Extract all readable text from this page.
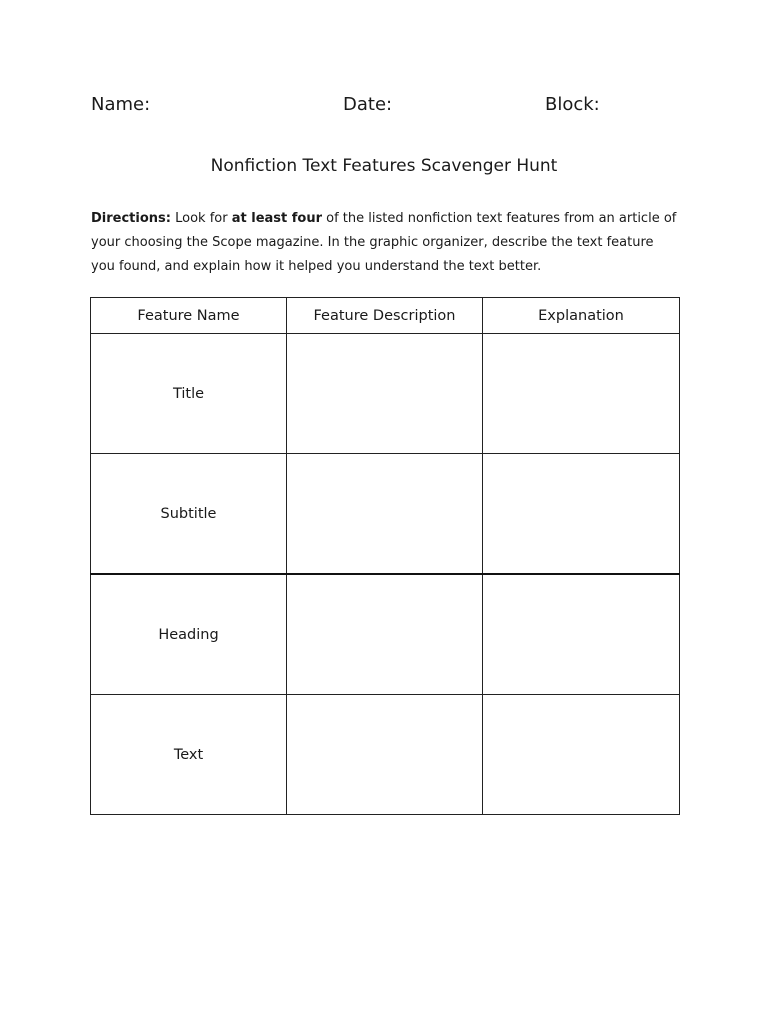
Name:	Date:	Block:
Nonfiction Text Features Scavenger Hunt
Directions: Look for at least four of the listed nonfiction text features from an article of your choosing the Scope magazine. In the graphic organizer, describe the text feature you found, and explain how it helped you understand the text better.
Feature Name	Feature Description	Explanation
Title		
Subtitle		
Heading		
Text		
